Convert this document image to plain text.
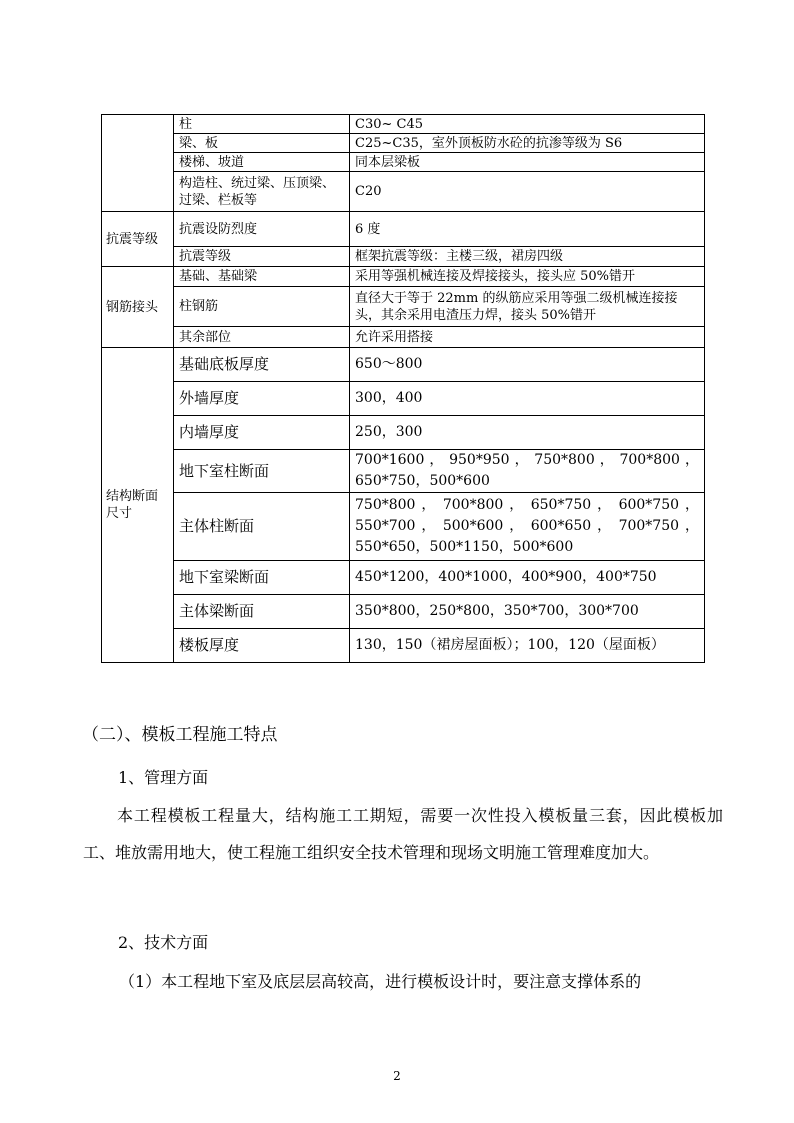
	柱	C30~ C45
	梁、板	C25~C35，室外顶板防水砼的抗渗等级为 S6
	楼梯、坡道	同本层梁板
	构造柱、统过梁、压顶梁、过梁、栏板等	C20
抗震等级	抗震设防烈度	6 度
	抗震等级	框架抗震等级：主楼三级，裙房四级
钢筋接头	基础、基础梁	采用等强机械连接及焊接接头，接头应 50%错开
	柱钢筋	直径大于等于 22mm 的纵筋应采用等强二级机械连接接头，其余采用电渣压力焊，接头 50%错开
	其余部位	允许采用搭接
结构断面尺寸	基础底板厚度	650～800
	外墙厚度	300，400
	内墙厚度	250，300
	地下室柱断面	700*1600 ， 950*950 ， 750*800 ， 700*800 ， 650*750，500*600
	主体柱断面	750*800 ， 700*800 ， 650*750 ， 600*750 ， 550*700 ， 500*600 ， 600*650 ， 700*750 ， 550*650，500*1150，500*600
	地下室梁断面	450*1200，400*1000，400*900，400*750
	主体梁断面	350*800，250*800，350*700，300*700
	楼板厚度	130，150（裙房屋面板）；100，120（屋面板）
（二）、模板工程施工特点
1、管理方面
本工程模板工程量大，结构施工工期短，需要一次性投入模板量三套，因此模板加工、堆放需用地大，使工程施工组织安全技术管理和现场文明施工管理难度加大。
2、技术方面
（1）本工程地下室及底层层高较高，进行模板设计时，要注意支撑体系的
2
